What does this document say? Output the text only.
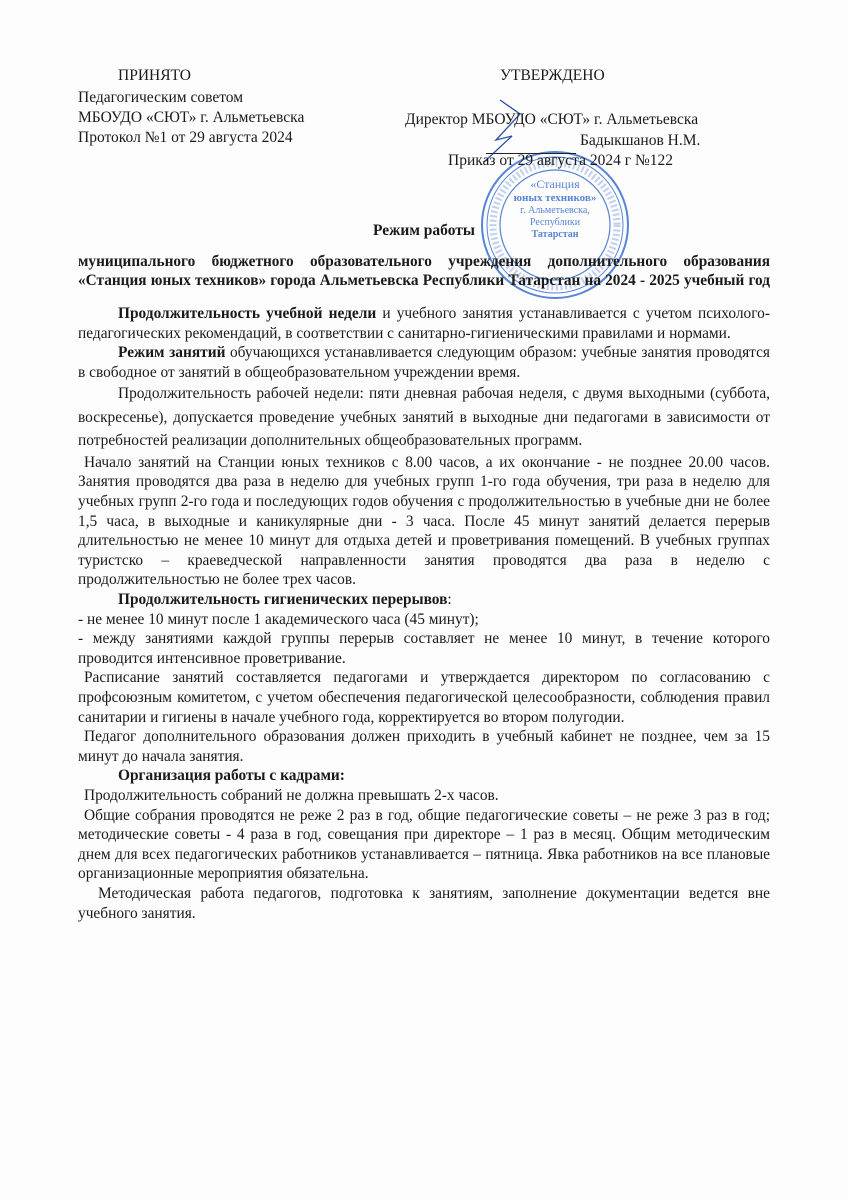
ПРИНЯТО
Педагогическим советом
МБОУДО «СЮТ» г. Альметьевска
Протокол №1 от 29 августа 2024
«Станция
юных техников»
г. Альметьевска,
Республики
Татарстан
УТВЕРЖДЕНО
Директор МБОУДО «СЮТ» г. Альметьевска
Бадыкшанов Н.М.
Приказ от 29 августа 2024 г №122
Режим работы
муниципального бюджетного образовательного учреждения дополнительного образования
«Станция юных техников» города Альметьевска Республики Татарстан на 2024 - 2025 учебный год

Продолжительность учебной недели и учебного занятия устанавливается с учетом психолого-педагогических рекомендаций, в соответствии с санитарно-гигиеническими правилами и нормами.

Режим занятий обучающихся устанавливается следующим образом: учебные занятия проводятся в свободное от занятий в общеобразовательном учреждении время.

Продолжительность рабочей недели: пяти дневная рабочая неделя, с двумя выходными (суббота, воскресенье), допускается проведение учебных занятий в выходные дни педагогами в зависимости от потребностей реализации дополнительных общеобразовательных программ.

Начало занятий на Станции юных техников с 8.00 часов, а их окончание - не позднее 20.00 часов. Занятия проводятся два раза в неделю для учебных групп 1-го года обучения, три раза в неделю для учебных групп 2-го года и последующих годов обучения с продолжительностью в учебные дни не более 1,5 часа, в выходные и каникулярные дни - 3 часа. После 45 минут занятий делается перерыв длительностью не менее 10 минут для отдыха детей и проветривания помещений. В учебных группах туристско – краеведческой направленности занятия проводятся два раза в неделю с продолжительностью не более трех часов.

Продолжительность гигиенических перерывов:

- не менее 10 минут после 1 академического часа (45 минут);

- между занятиями каждой группы перерыв составляет не менее 10 минут, в течение которого проводится интенсивное проветривание.

Расписание занятий составляется педагогами и утверждается директором по согласованию с профсоюзным комитетом, с учетом обеспечения педагогической целесообразности, соблюдения правил санитарии и гигиены в начале учебного года, корректируется во втором полугодии.

Педагог дополнительного образования должен приходить в учебный кабинет не позднее, чем за 15 минут до начала занятия.

Организация работы с кадрами:

Продолжительность собраний не должна превышать 2-х часов.

Общие собрания проводятся не реже 2 раз в год, общие педагогические советы – не реже 3 раз в год; методические советы - 4 раза в год, совещания при директоре – 1 раз в месяц. Общим методическим днем для всех педагогических работников устанавливается – пятница. Явка работников на все плановые организационные мероприятия обязательна.

Методическая работа педагогов, подготовка к занятиям, заполнение документации ведется вне учебного занятия.
